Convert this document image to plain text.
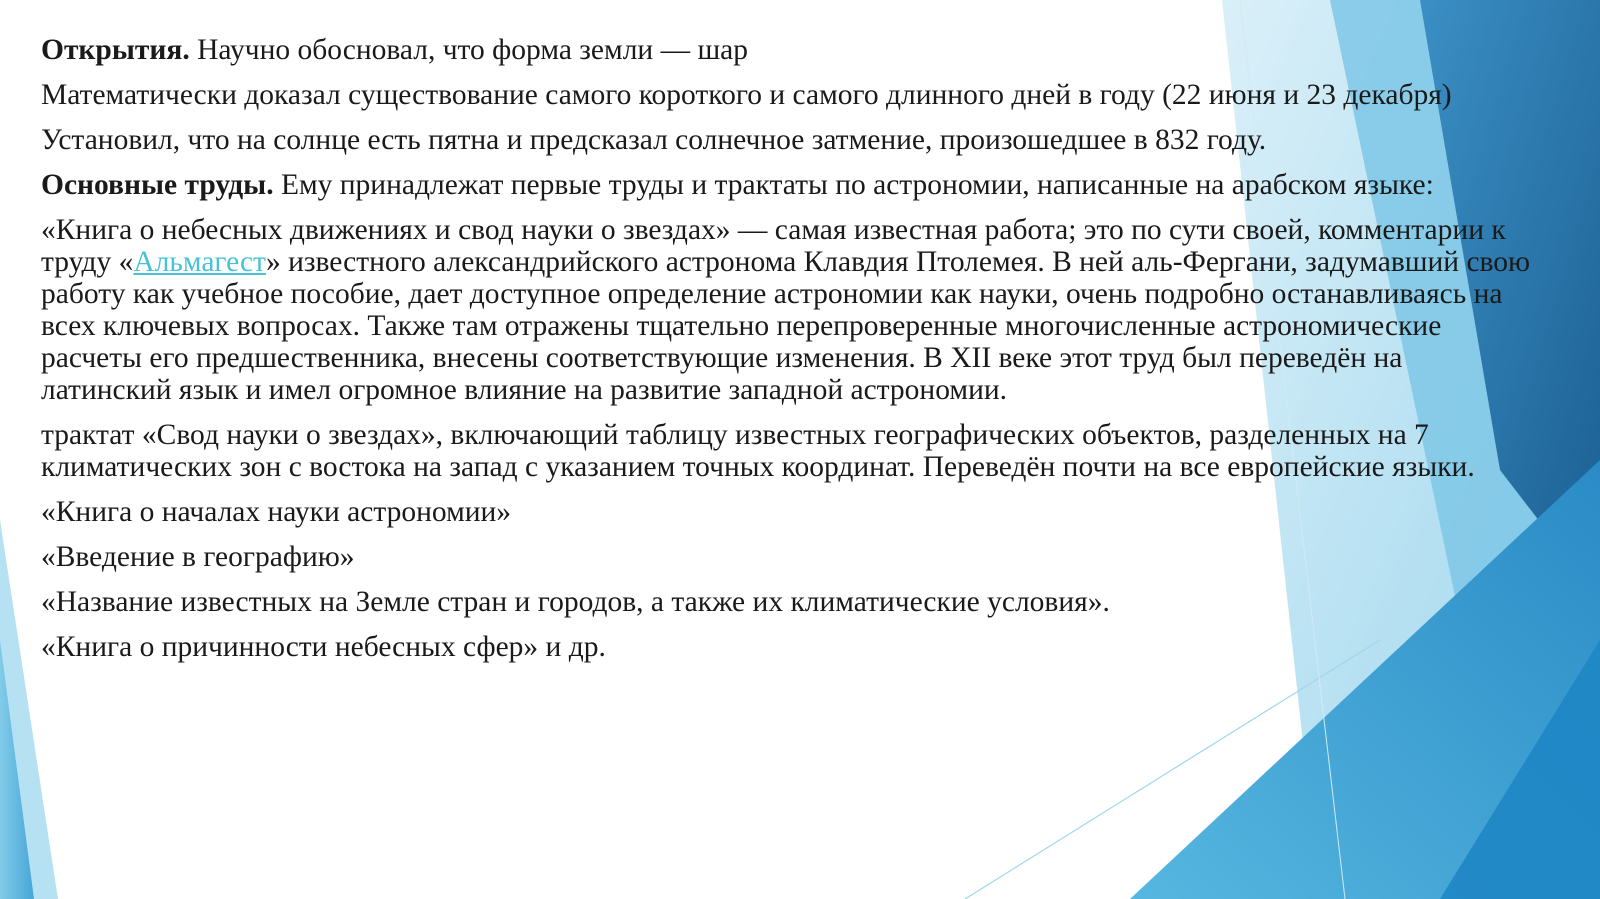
Открытия. Научно обосновал, что форма земли — шар

Математически доказал существование самого короткого и самого длинного дней в году (22 июня и 23 декабря)

Установил, что на солнце есть пятна и предсказал солнечное затмение, произошедшее в 832 году.

Основные труды. Ему принадлежат первые труды и трактаты по астрономии, написанные на арабском языке:

«Книга о небесных движениях и свод науки о звездах» — самая известная работа; это по сути своей, комментарии к труду «Альмагест» известного александрийского астронома Клавдия Птолемея. В ней аль-Фергани, задумавший свою работу как учебное пособие, дает доступное определение астрономии как науки, очень подробно останавливаясь на всех ключевых вопросах. Также там отражены тщательно перепроверенные многочисленные астрономические расчеты его предшественника, внесены соответствующие изменения. В XII веке этот труд был переведён на латинский язык и имел огромное влияние на развитие западной астрономии.

трактат «Свод науки о звездах», включающий таблицу известных географических объектов, разделенных на 7 климатических зон с востока на запад с указанием точных координат. Переведён почти на все европейские языки.

«Книга о началах науки астрономии»

«Введение в географию»

«Название известных на Земле стран и городов, а также их климатические условия».

«Книга о причинности небесных сфер» и др.
